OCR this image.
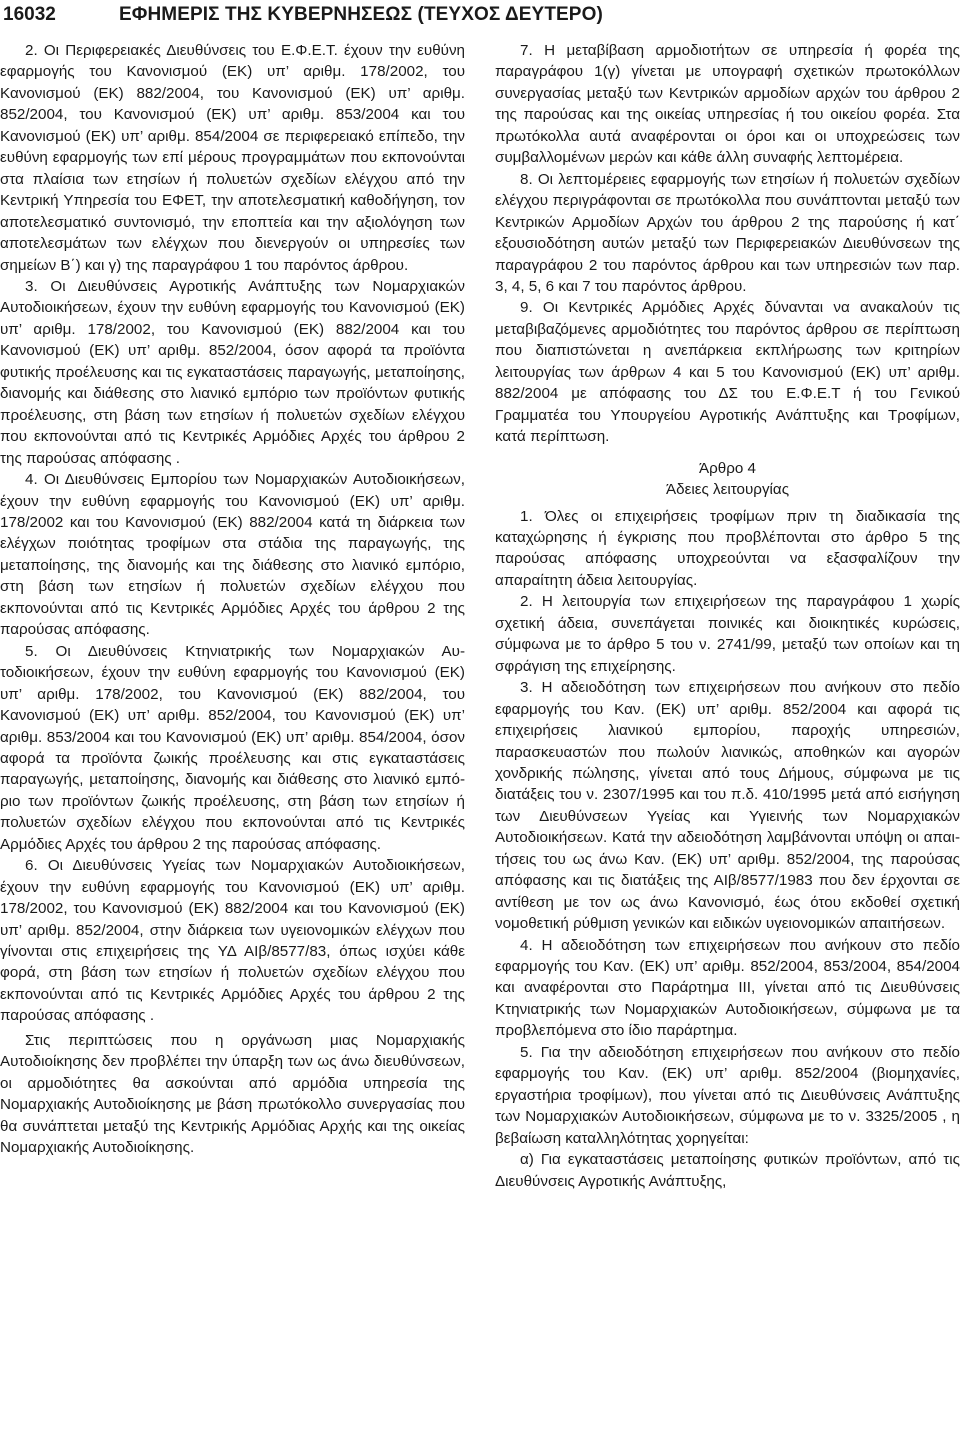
16032	ΕΦΗΜΕΡΙΣ ΤΗΣ ΚΥΒΕΡΝΗΣΕΩΣ (ΤΕΥΧΟΣ ΔΕΥΤΕΡΟ)

2. Οι Περιφερειακές Διευθύνσεις του Ε.Φ.Ε.Τ. έχουν την ευθύνη εφαρμογής του Κανονισμού (ΕΚ) υπ’ αριθμ. 178/2002, του Κανονισμού (ΕΚ) 882/2004, του Κανονισμού (ΕΚ) υπ’ αριθμ. 852/2004, του Κανονισμού (ΕΚ) υπ’ αριθμ. 853/2004 και του Κανονισμού (ΕΚ) υπ’ αριθμ. 854/2004 σε περιφερειακό επίπεδο, την ευθύνη εφαρμογής των επί μέρους προγραμμάτων που εκπονούνται στα πλαίσια των ετησίων ή πολυετών σχεδίων ελέγχου από την Κεντρική Υπηρεσία του ΕΦΕΤ, την αποτελεσματική καθοδήγηση, τον αποτελεσματικό συντονισμό, την εποπτεία και την αξιολόγηση των αποτελεσμάτων των ελέγχων που διενεργούν οι υπηρεσίες των σημείων Β΄) και γ) της παραγράφου 1 του παρόντος άρθρου.

3. Οι Διευθύνσεις Αγροτικής Ανάπτυξης των Νομαρχιακών Αυτοδιοικήσεων, έχουν την ευθύνη εφαρμογής του Κανονισμού (ΕΚ) υπ’ αριθμ. 178/2002, του Κανονισμού (ΕΚ) 882/2004 και του Κανονισμού (ΕΚ) υπ’ αριθμ. 852/2004, όσον αφορά τα προϊόντα φυτικής προέλευσης και τις εγκαταστάσεις παραγωγής, μεταποίησης, διανομής και διάθεσης στο λιανικό εμπόριο των προϊόντων φυτικής προέλευσης, στη βάση των ετησίων ή πολυετών σχεδίων ελέγχου που εκπονούνται από τις Κεντρικές Αρμόδιες Αρχές του άρθρου 2 της παρούσας απόφασης .

4. Οι Διευθύνσεις Εμπορίου των Νομαρχιακών Αυτοδιοικήσεων, έχουν την ευθύνη εφαρμογής του Κανονισμού (ΕΚ) υπ’ αριθμ. 178/2002 και του Κανονισμού (ΕΚ) 882/2004 κατά τη διάρκεια των ελέγχων ποιότητας τροφίμων στα στάδια της παραγωγής, της μεταποίησης, της διανομής και της διάθεσης στο λιανικό εμπόριο, στη βάση των ετησίων ή πολυετών σχεδίων ελέγχου που εκπονούνται από τις Κεντρικές Αρμόδιες Αρχές του άρθρου 2 της παρούσας απόφασης.

5. Οι Διευθύνσεις Κτηνιατρικής των Νομαρχιακών Αυτοδιοικήσεων, έχουν την ευθύνη εφαρμογής του Κανονισμού (ΕΚ) υπ’ αριθμ. 178/2002, του Κανονισμού (ΕΚ) 882/2004, του Κανονισμού (ΕΚ) υπ’ αριθμ. 852/2004, του Κανονισμού (ΕΚ) υπ’ αριθμ. 853/2004 και του Κανονισμού (ΕΚ) υπ’ αριθμ. 854/2004, όσον αφορά τα προϊόντα ζωικής προέλευσης και στις εγκαταστάσεις παραγωγής, μεταποίησης, διανομής και διάθεσης στο λιανικό εμπόριο των προϊόντων ζωικής προέλευσης, στη βάση των ετησίων ή πολυετών σχεδίων ελέγχου που εκπονούνται από τις Κεντρικές Αρμόδιες Αρχές του άρθρου 2 της παρούσας απόφασης.

6. Οι Διευθύνσεις Υγείας των Νομαρχιακών Αυτοδιοικήσεων, έχουν την ευθύνη εφαρμογής του Κανονισμού (ΕΚ) υπ’ αριθμ. 178/2002, του Κανονισμού (ΕΚ) 882/2004 και του Κανονισμού (ΕΚ) υπ’ αριθμ. 852/2004, στην διάρκεια των υγειονομικών ελέγχων που γίνονται στις επιχειρήσεις της ΥΔ ΑΙβ/8577/83, όπως ισχύει κάθε φορά, στη βάση των ετησίων ή πολυετών σχεδίων ελέγχου που εκπονούνται από τις Κεντρικές Αρμόδιες Αρχές του άρθρου 2 της παρούσας απόφασης .

Στις περιπτώσεις που η οργάνωση μιας Νομαρχιακής Αυτοδιοίκησης δεν προβλέπει την ύπαρξη των ως άνω διευθύνσεων, οι αρμοδιότητες θα ασκούνται από αρμόδια υπηρεσία της Νομαρχιακής Αυτοδιοίκησης με βάση πρωτόκολλο συνεργασίας που θα συνάπτεται μεταξύ της Κεντρικής Αρμόδιας Αρχής και της οικείας Νομαρχιακής Αυτοδιοίκησης.

7. Η μεταβίβαση αρμοδιοτήτων σε υπηρεσία ή φορέα της παραγράφου 1(γ) γίνεται με υπογραφή σχετικών πρωτοκόλλων συνεργασίας μεταξύ των Κεντρικών αρμοδίων αρχών του άρθρου 2 της παρούσας και της οικείας υπηρεσίας ή του οικείου φορέα. Στα πρωτόκολλα αυτά αναφέρονται οι όροι και οι υποχρεώσεις των συμβαλλομένων μερών και κάθε άλλη συναφής λεπτομέρεια.

8. Οι λεπτομέρειες εφαρμογής των ετησίων ή πολυετών σχεδίων ελέγχου περιγράφονται σε πρωτόκολλα που συνάπτονται μεταξύ των Κεντρικών Αρμοδίων Αρχών του άρθρου 2 της παρούσης ή κατ΄ εξουσιοδότηση αυτών μεταξύ των Περιφερειακών Διευθύνσεων της παραγράφου 2 του παρόντος άρθρου και των υπηρεσιών των παρ. 3, 4, 5, 6 και 7 του παρόντος άρθρου.

9. Οι Κεντρικές Αρμόδιες Αρχές δύνανται να ανακαλούν τις μεταβιβαζόμενες αρμοδιότητες του παρόντος άρθρου σε περίπτωση που διαπιστώνεται η ανεπάρκεια εκπλήρωσης των κριτηρίων λειτουργίας των άρθρων 4 και 5 του Κανονισμού (ΕΚ) υπ’ αριθμ. 882/2004 με απόφασης του ΔΣ του Ε.Φ.Ε.Τ ή του Γενικού Γραμματέα του Υπουργείου Αγροτικής Ανάπτυξης και Τροφίμων, κατά περίπτωση.

Άρθρο 4

Άδειες λειτουργίας

1. Όλες οι επιχειρήσεις τροφίμων πριν τη διαδικασία της καταχώρησης ή έγκρισης που προβλέπονται στο άρθρο 5 της παρούσας απόφασης υποχρεούνται να εξασφαλίζουν την απαραίτητη άδεια λειτουργίας.

2. Η λειτουργία των επιχειρήσεων της παραγράφου 1 χωρίς σχετική άδεια, συνεπάγεται ποινικές και διοικητικές κυρώσεις, σύμφωνα με το άρθρο 5 του ν. 2741/99, μεταξύ των οποίων και τη σφράγιση της επιχείρησης.

3. Η αδειοδότηση των επιχειρήσεων που ανήκουν στο πεδίο εφαρμογής του Καν. (ΕΚ) υπ’ αριθμ. 852/2004 και αφορά τις επιχειρήσεις λιανικού εμπορίου, παροχής υπηρεσιών, παρασκευαστών που πωλούν λιανικώς, αποθηκών και αγορών χονδρικής πώλησης, γίνεται από τους Δήμους, σύμφωνα με τις διατάξεις του ν. 2307/1995 και του π.δ. 410/1995 μετά από εισήγηση των Διευθύνσεων Υγείας και Υγιεινής των Νομαρχιακών Αυτοδιοικήσεων. Κατά την αδειοδότηση λαμβάνονται υπόψη οι απαιτήσεις του ως άνω Καν. (ΕΚ) υπ’ αριθμ. 852/2004, της παρούσας απόφασης και τις διατάξεις της ΑΙβ/8577/1983 που δεν έρχονται σε αντίθεση με τον ως άνω Κανονισμό, έως ότου εκδοθεί σχετική νομοθετική ρύθμιση γενικών και ειδικών υγειονομικών απαιτήσεων.

4. Η αδειοδότηση των επιχειρήσεων που ανήκουν στο πεδίο εφαρμογής του Καν. (ΕΚ) υπ’ αριθμ. 852/2004, 853/2004, 854/2004 και αναφέρονται στο Παράρτημα ΙΙΙ, γίνεται από τις Διευθύνσεις Κτηνιατρικής των Νομαρχιακών Αυτοδιοικήσεων, σύμφωνα με τα προβλεπόμενα στο ίδιο παράρτημα.

5. Για την αδειοδότηση επιχειρήσεων που ανήκουν στο πεδίο εφαρμογής του Καν. (ΕΚ) υπ’ αριθμ. 852/2004 (βιομηχανίες, εργαστήρια τροφίμων), που γίνεται από τις Διευθύνσεις Ανάπτυξης των Νομαρχιακών Αυτοδιοικήσεων, σύμφωνα με το ν. 3325/2005 , η βεβαίωση καταλληλότητας χορηγείται:

α) Για εγκαταστάσεις μεταποίησης φυτικών προϊόντων, από τις Διευθύνσεις Αγροτικής Ανάπτυξης,
